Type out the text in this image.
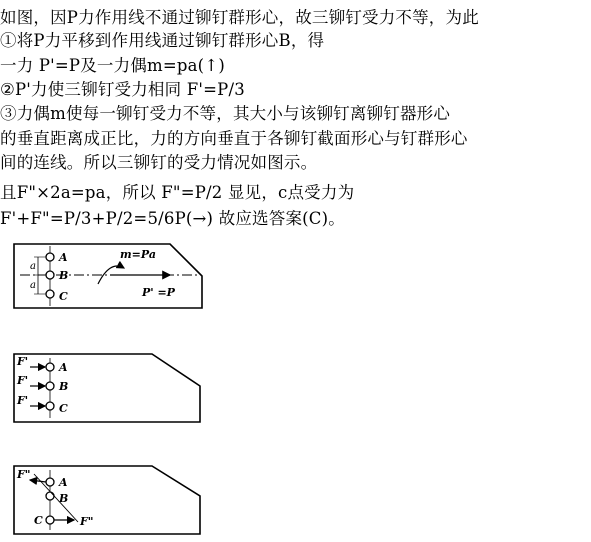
如图，因P力作用线不通过铆钉群形心，故三铆钉受力不等，为此
①将P力平移到作用线通过铆钉群形心B，得
一力 P'=P及一力偶m=pa(↑)
②P'力使三铆钉受力相同 F'=P/3
③力偶m使每一铆钉受力不等，其大小与该铆钉离铆钉器形心
的垂直距离成正比，力的方向垂直于各铆钉截面形心与钉群形心
间的连线。所以三铆钉的受力情况如图示。
且F"×2a=pa，所以 F"=P/2 显见，c点受力为
F'+F"=P/3+P/2=5/6P(→) 故应选答案(C)。
A
B
C
a
a
m=Pa
P' =P
A
B
C
F'
F'
F'
A
B
C
F"
F"
